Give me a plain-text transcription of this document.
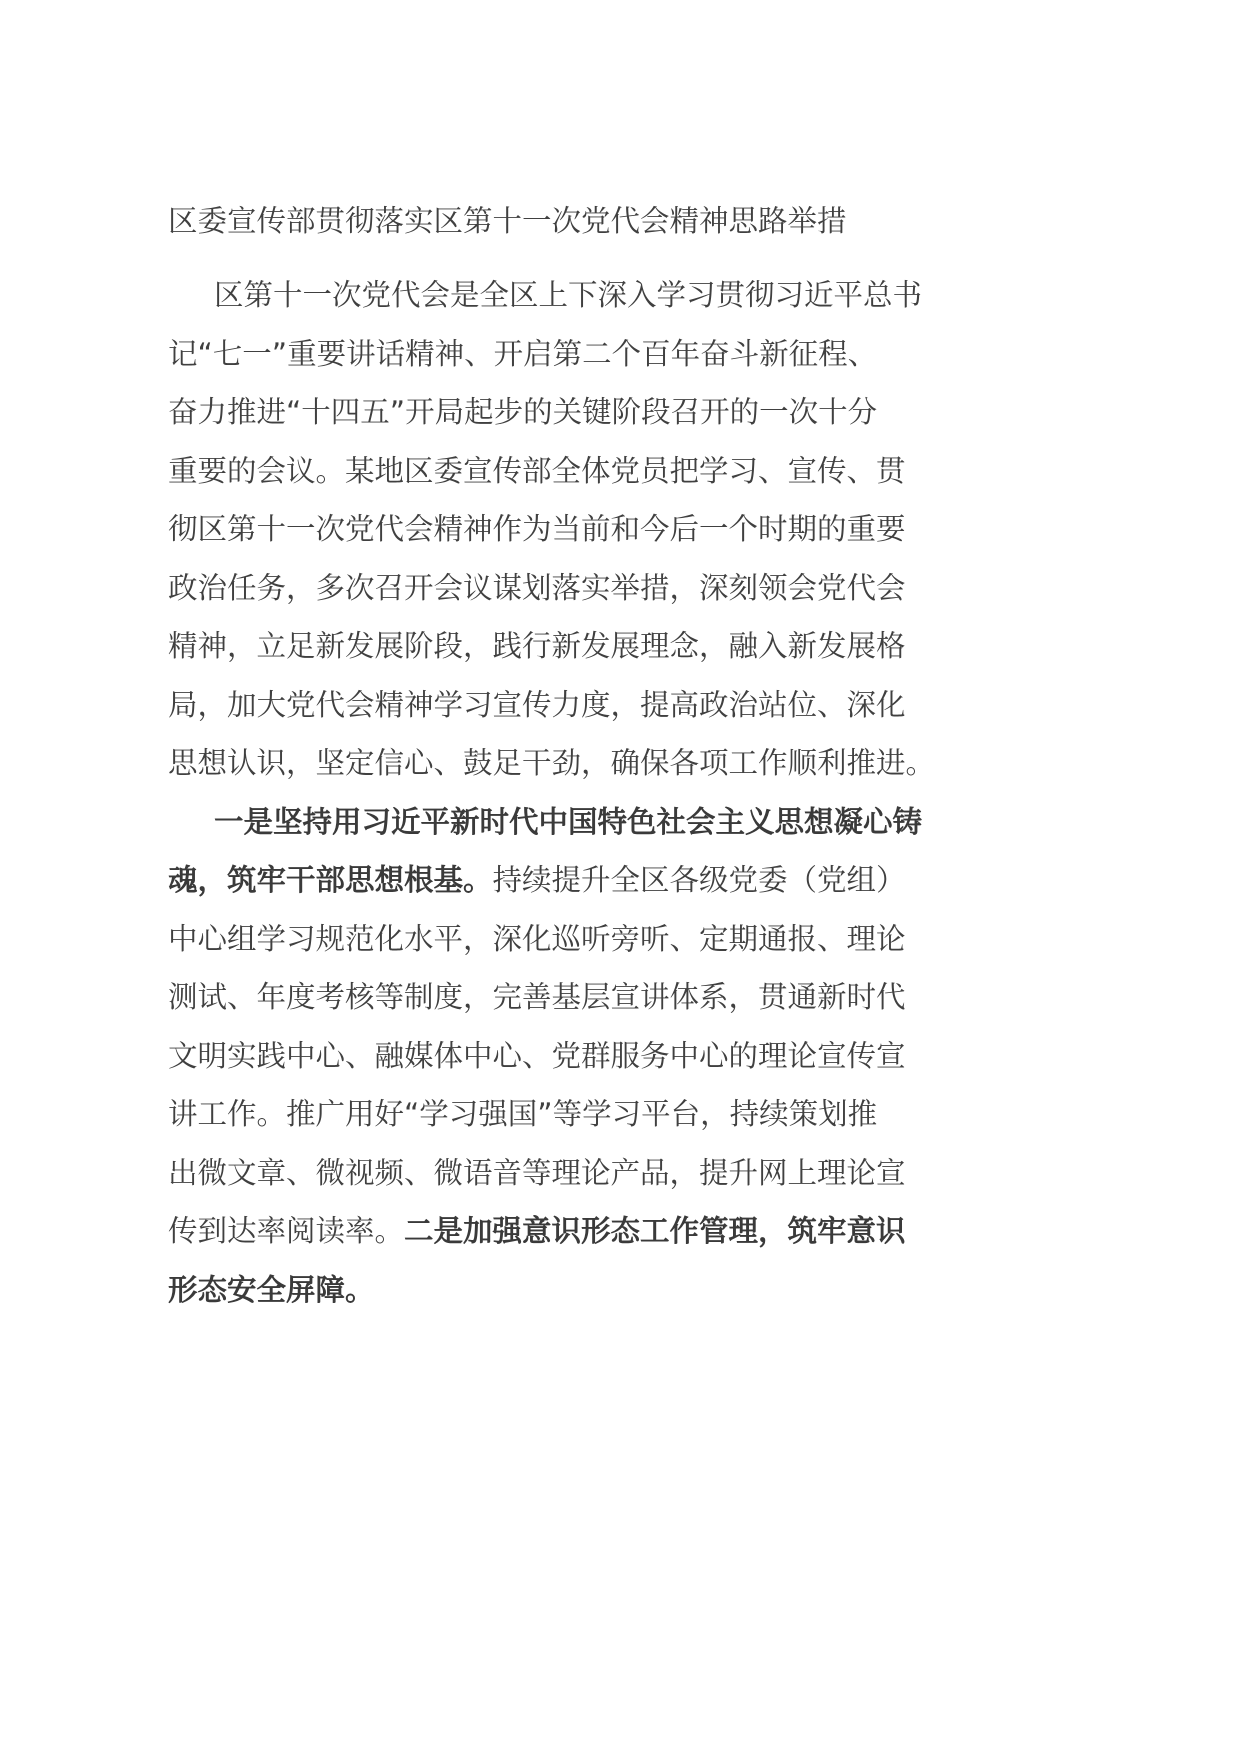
区委宣传部贯彻落实区第十一次党代会精神思路举措
区第十一次党代会是全区上下深入学习贯彻习近平总书
记“七一”重要讲话精神、开启第二个百年奋斗新征程、
奋力推进“十四五”开局起步的关键阶段召开的一次十分
重要的会议。某地区委宣传部全体党员把学习、宣传、贯
彻区第十一次党代会精神作为当前和今后一个时期的重要
政治任务，多次召开会议谋划落实举措，深刻领会党代会
精神，立足新发展阶段，践行新发展理念，融入新发展格
局，加大党代会精神学习宣传力度，提高政治站位、深化
思想认识，坚定信心、鼓足干劲，确保各项工作顺利推进。
一是坚持用习近平新时代中国特色社会主义思想凝心铸
魂，筑牢干部思想根基。持续提升全区各级党委（党组）
中心组学习规范化水平，深化巡听旁听、定期通报、理论
测试、年度考核等制度，完善基层宣讲体系，贯通新时代
文明实践中心、融媒体中心、党群服务中心的理论宣传宣
讲工作。推广用好“学习强国”等学习平台，持续策划推
出微文章、微视频、微语音等理论产品，提升网上理论宣
传到达率阅读率。二是加强意识形态工作管理，筑牢意识
形态安全屏障。
